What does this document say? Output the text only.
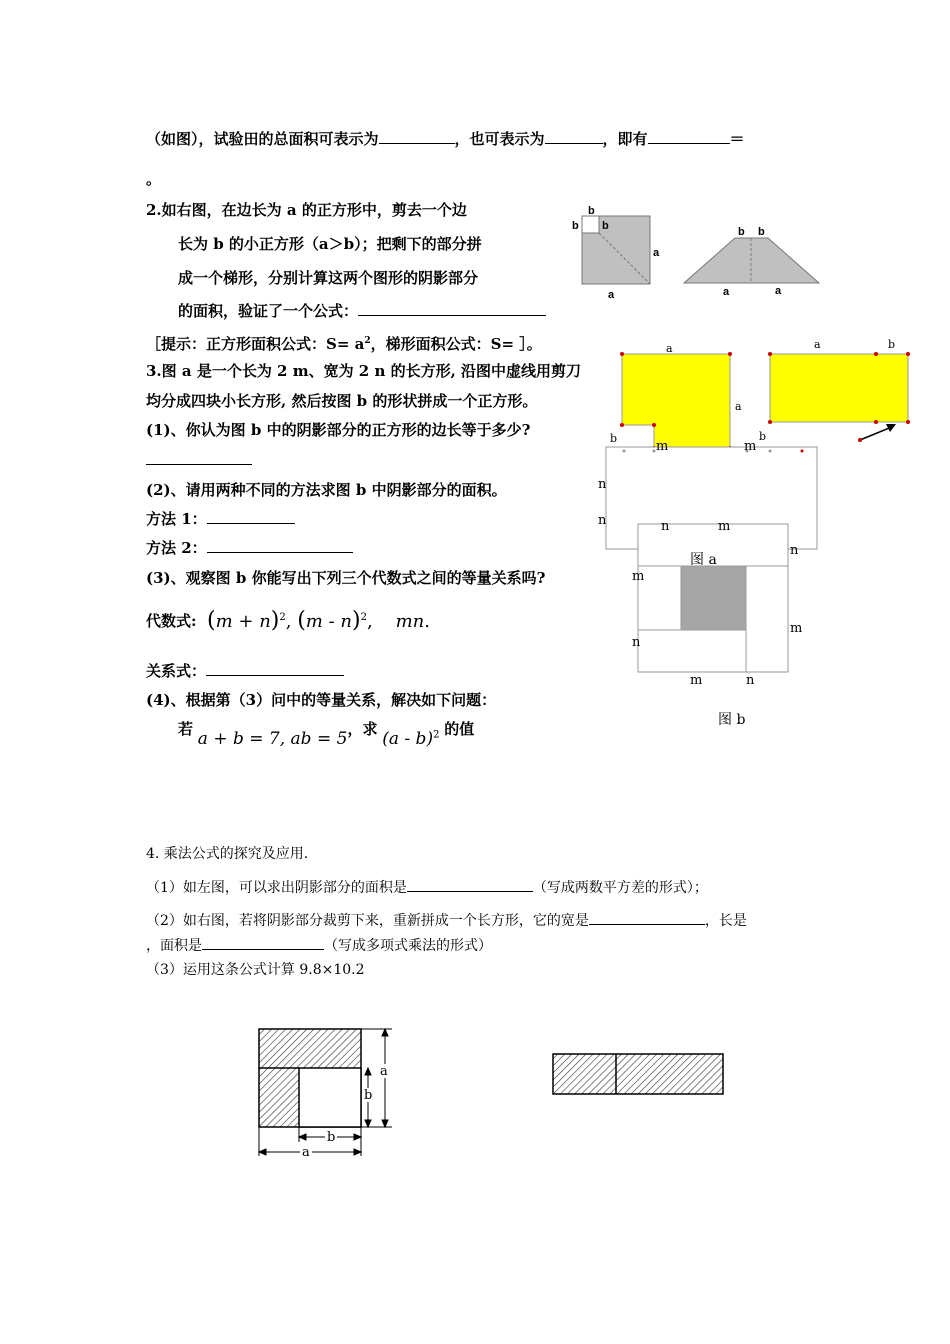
（如图），试验田的总面积可表示为	，也可表示为	，即有	＝
。
2.如右图，在边长为 a 的正方形中，剪去一个边
长为 b 的小正方形（a＞b）；把剩下的部分拼
成一个梯形，分别计算这两个图形的阴影部分
的面积，验证了一个公式：
［提示：正方形面积公式：$S= a^2$，梯形面积公式：S= ］。
b
b b
a
a
b b
a	a
3.图 a 是一个长为 2 m、宽为 2 n 的长方形, 沿图中虚线用剪刀
均分成四块小长方形, 然后按图 b 的形状拼成一个正方形。
(1)、你认为图 b 中的阴影部分的正方形的边长等于多少?
(2)、请用两种不同的方法求图 b 中阴影部分的面积。
方法 1：
方法 2：
(3)、观察图 b 你能写出下列三个代数式之间的等量关系吗?
代数式: $(m + n)^2$, (m - n)$^2$,    mn.
关系式：
(4)、根据第（3）问中的等量关系，解决如下问题：
若 a + b = 7, ab = 5，求 (a - b)$^2$ 的值
a
a
b
a	b
b
m	m
n
n	n	m
n
m
m
n
m	n
图 a
图 b
4. 乘法公式的探究及应用.
（1）如左图，可以求出阴影部分的面积是	（写成两数平方差的形式）；
（2）如右图，若将阴影部分裁剪下来，重新拼成一个长方形，它的宽是	，长是
，面积是	（写成多项式乘法的形式）
（3）运用这条公式计算 9.8×10.2
a
b
b
a
